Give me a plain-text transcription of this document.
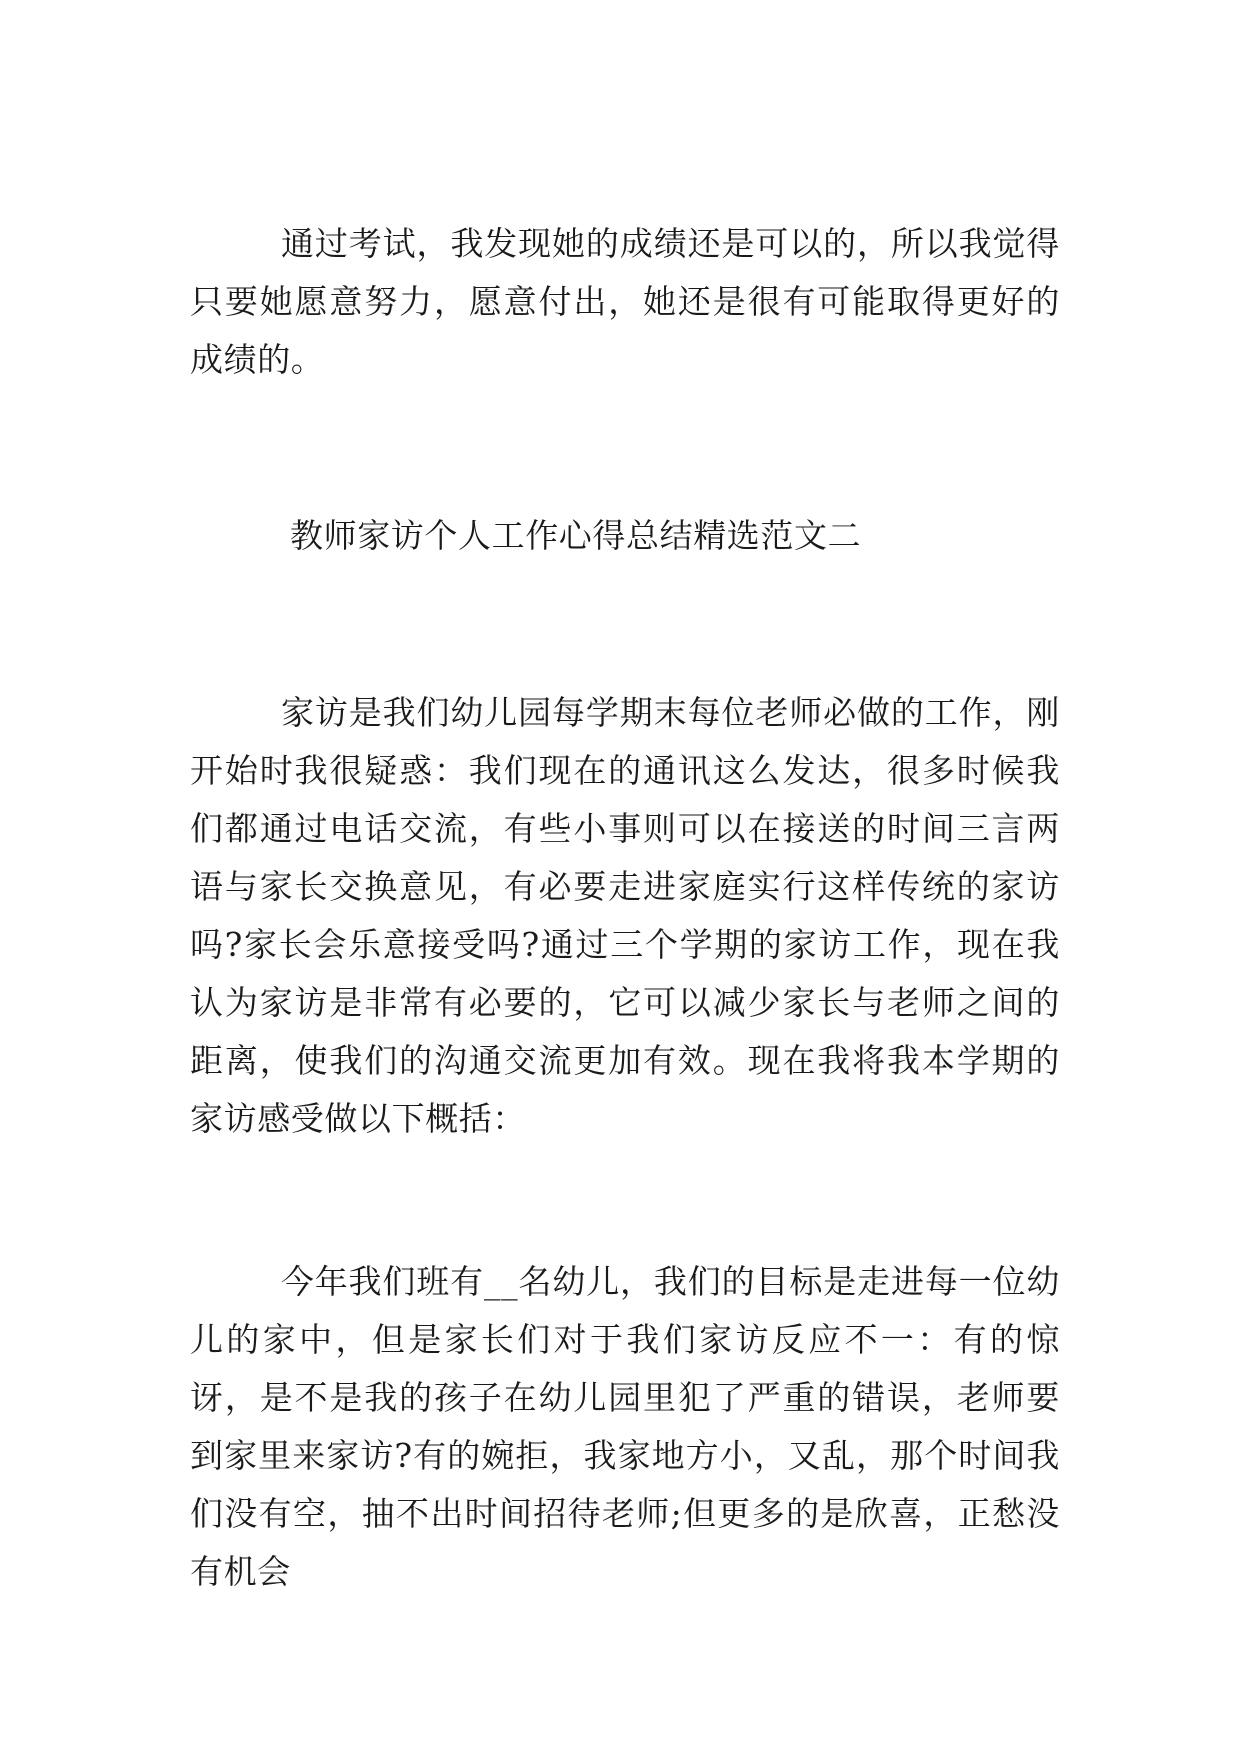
通过考试，我发现她的成绩还是可以的，所以我觉得只要她愿意努力，愿意付出，她还是很有可能取得更好的成绩的。
教师家访个人工作心得总结精选范文二
家访是我们幼儿园每学期末每位老师必做的工作，刚开始时我很疑惑：我们现在的通讯这么发达，很多时候我们都通过电话交流，有些小事则可以在接送的时间三言两语与家长交换意见，有必要走进家庭实行这样传统的家访吗?家长会乐意接受吗?通过三个学期的家访工作，现在我认为家访是非常有必要的，它可以减少家长与老师之间的距离，使我们的沟通交流更加有效。现在我将我本学期的家访感受做以下概括：
今年我们班有__名幼儿，我们的目标是走进每一位幼儿的家中，但是家长们对于我们家访反应不一：有的惊讶，是不是我的孩子在幼儿园里犯了严重的错误，老师要到家里来家访?有的婉拒，我家地方小，又乱，那个时间我们没有空，抽不出时间招待老师;但更多的是欣喜，正愁没有机会
